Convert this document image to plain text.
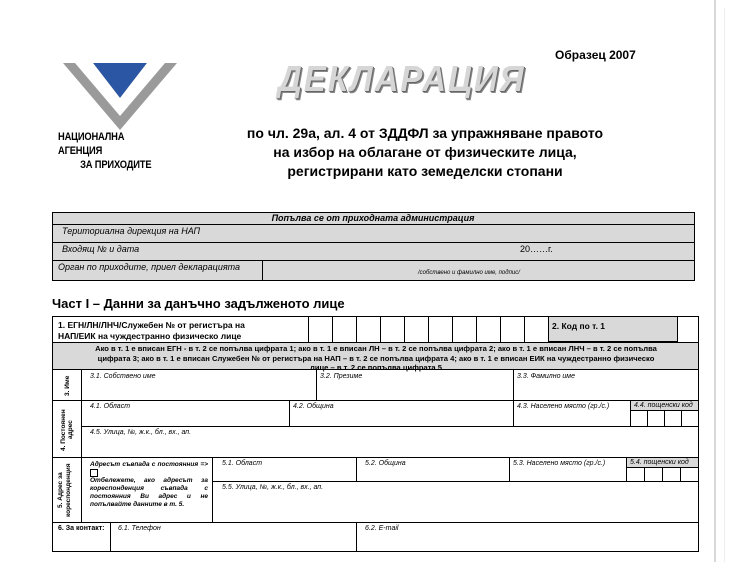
НАЦИОНАЛНА АГЕНЦИЯ
ЗА ПРИХОДИТЕ
ДЕКЛАРАЦИЯ
Образец 2007
по чл. 29а, ал. 4 от ЗДДФЛ за упражняване правото
на избор на облагане от физическите лица,
регистрирани като земеделски стопани
Попълва се от приходната администрация
Териториална дирекция на НАП
Входящ № и дата	20……г.
Орган по приходите, приел декларацията
/собствено и фамилно име, подпис/
Част І – Данни за данъчно задълженото лице
1. ЕГН/ЛН/ЛНЧ/Служебен № от регистъра на
НАП/ЕИК на чуждестранно физическо лице
2. Код по т. 1
Ако в т. 1 е вписан ЕГН - в т. 2 се попълва цифрата 1; ако в т. 1 е вписан ЛН – в т. 2 се попълва цифрата 2; ако в т. 1 е вписан ЛНЧ – в т. 2 се попълва
цифрата 3; ако в т. 1 е вписан Служебен № от регистъра на НАП – в т. 2 се попълва цифрата 4; ако в т. 1 е вписан ЕИК на чуждестранно физическо
лице – в т. 2 се попълва цифрата 5
3. Име	3.1. Собствено име	3.2. Презиме	3.3. Фамилно име
4. Постоянен адрес
4.1. Област	4.2. Община	4.3. Населено място (гр./с.)	4.4. пощенски код
4.5. Улица, №, ж.к., бл., вх., ап.
5. Адрес за кореспонденция	Адресът съвпада с постоянния =>
Отбележете, ако адресът за кореспонденция съвпада с постоянния Ви адрес и не попълвайте данните в т. 5.
5.1. Област	5.2. Община	5.3. Населено място (гр./с.)	5.4. пощенски код
5.5. Улица, №, ж.к., бл., вх., ап.
6. За контакт: 6.1. Телефон	6.2. E-mail
